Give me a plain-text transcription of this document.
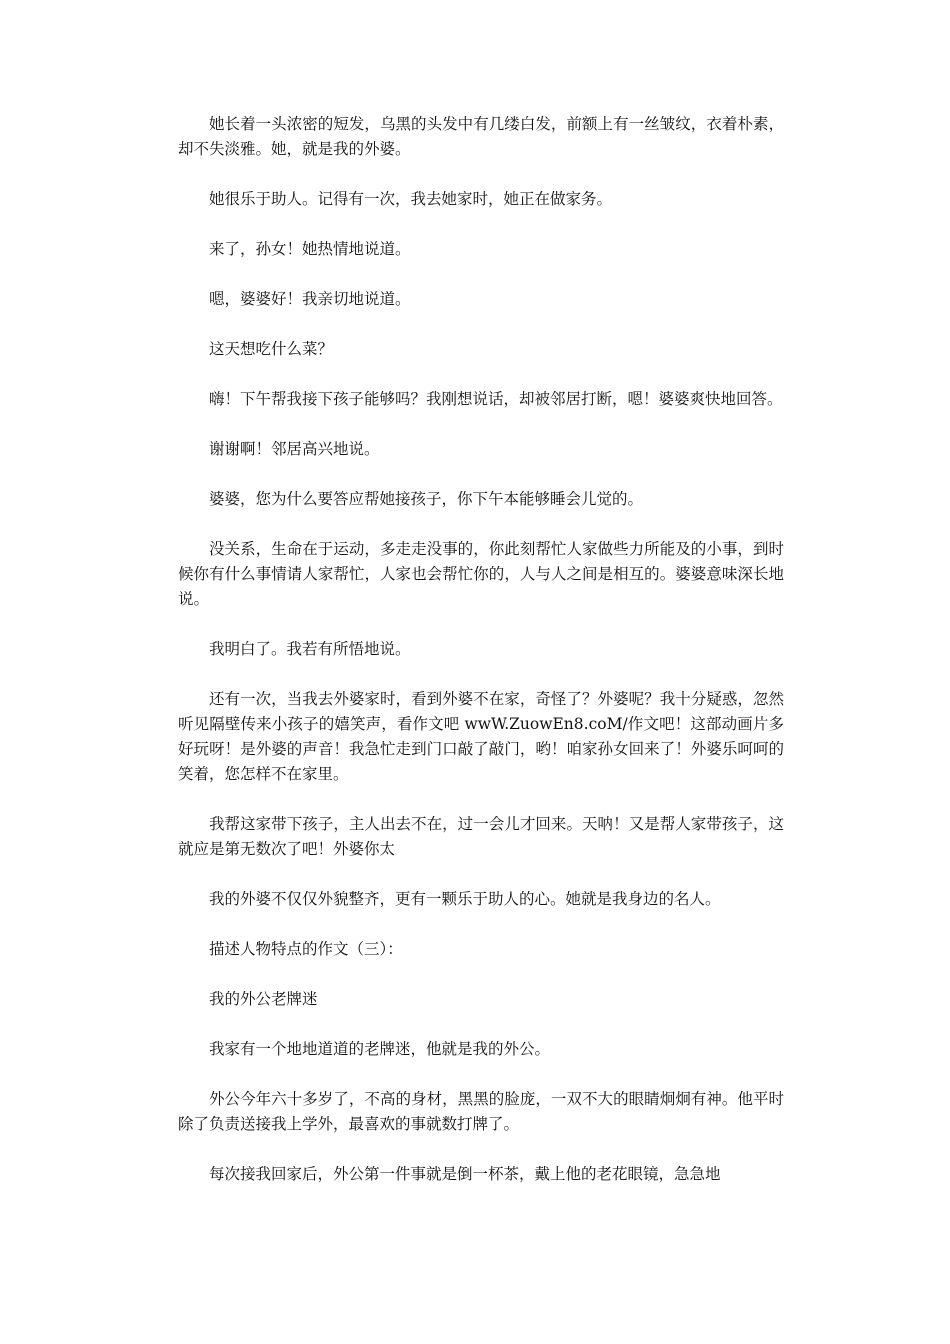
她长着一头浓密的短发，乌黑的头发中有几缕白发，前额上有一丝皱纹，衣着朴素，却不失淡雅。她，就是我的外婆。

她很乐于助人。记得有一次，我去她家时，她正在做家务。

来了，孙女！她热情地说道。

嗯，婆婆好！我亲切地说道。

这天想吃什么菜？

嗨！下午帮我接下孩子能够吗？我刚想说话，却被邻居打断，嗯！婆婆爽快地回答。

谢谢啊！邻居高兴地说。

婆婆，您为什么要答应帮她接孩子，你下午本能够睡会儿觉的。

没关系，生命在于运动，多走走没事的，你此刻帮忙人家做些力所能及的小事，到时候你有什么事情请人家帮忙，人家也会帮忙你的，人与人之间是相互的。婆婆意味深长地说。

我明白了。我若有所悟地说。

还有一次，当我去外婆家时，看到外婆不在家，奇怪了？外婆呢？我十分疑惑，忽然听见隔壁传来小孩子的嬉笑声，看作文吧 wwW.ZuowEn8.coM/作文吧！这部动画片多好玩呀！是外婆的声音！我急忙走到门口敲了敲门，哟！咱家孙女回来了！外婆乐呵呵的笑着，您怎样不在家里。

我帮这家带下孩子，主人出去不在，过一会儿才回来。天呐！又是帮人家带孩子，这就应是第无数次了吧！外婆你太

我的外婆不仅仅外貌整齐，更有一颗乐于助人的心。她就是我身边的名人。

描述人物特点的作文（三）：

我的外公老牌迷

我家有一个地地道道的老牌迷，他就是我的外公。

外公今年六十多岁了，不高的身材，黑黑的脸庞，一双不大的眼睛炯炯有神。他平时除了负责送接我上学外，最喜欢的事就数打牌了。

每次接我回家后，外公第一件事就是倒一杯茶，戴上他的老花眼镜，急急地
